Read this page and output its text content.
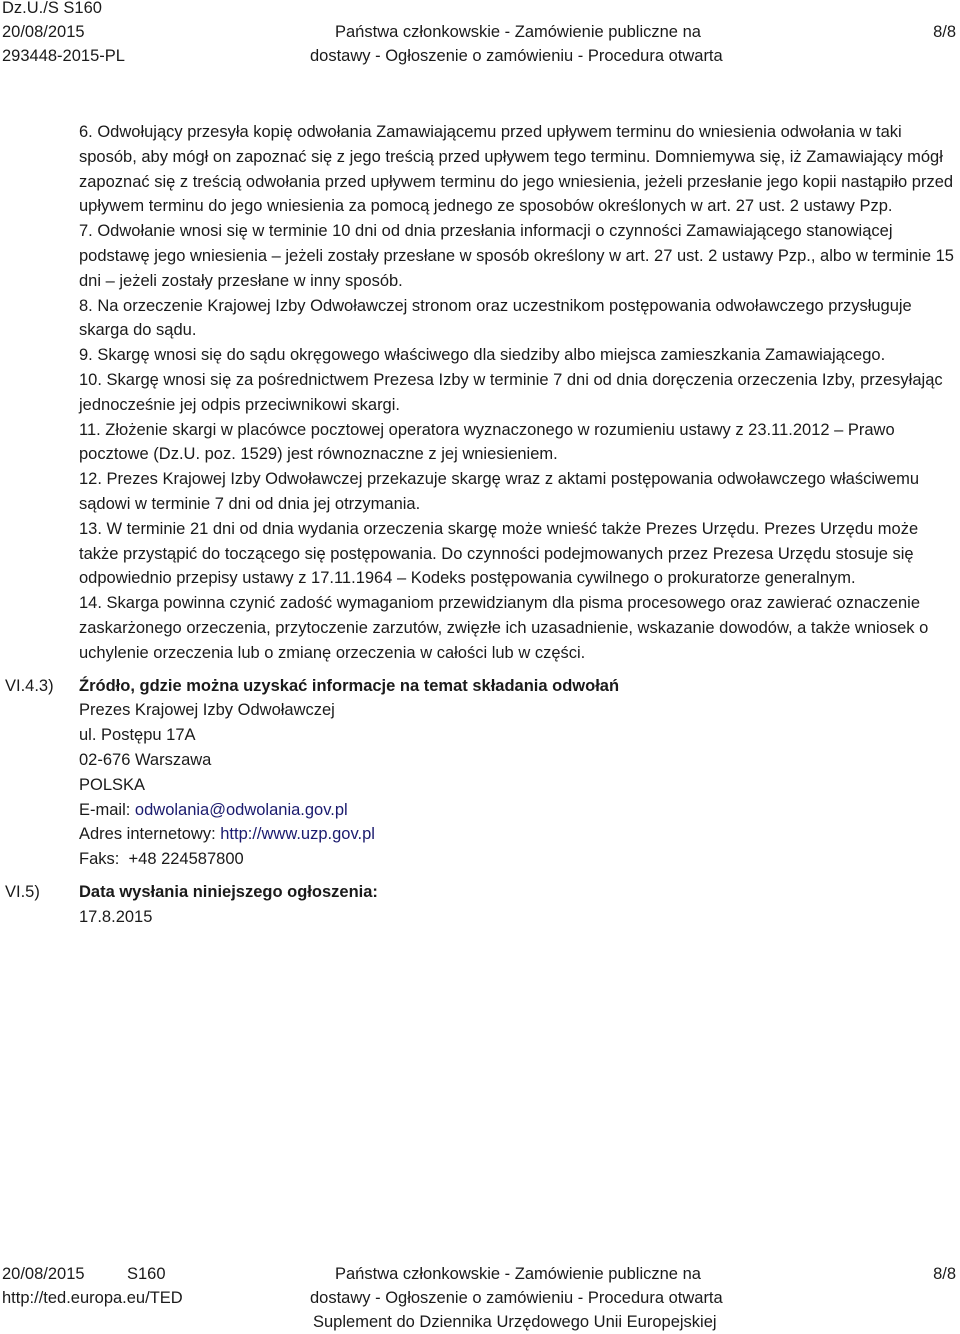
Dz.U./S S160
20/08/2015
293448-2015-PL
Państwa członkowskie - Zamówienie publiczne na
dostawy - Ogłoszenie o zamówieniu - Procedura otwarta
8/8

6. Odwołujący przesyła kopię odwołania Zamawiającemu przed upływem terminu do wniesienia odwołania w taki sposób, aby mógł on zapoznać się z jego treścią przed upływem tego terminu. Domniemywa się, iż Zamawiający mógł zapoznać się z treścią odwołania przed upływem terminu do jego wniesienia, jeżeli przesłanie jego kopii nastąpiło przed upływem terminu do jego wniesienia za pomocą jednego ze sposobów określonych w art. 27 ust. 2 ustawy Pzp.

7. Odwołanie wnosi się w terminie 10 dni od dnia przesłania informacji o czynności Zamawiającego stanowiącej podstawę jego wniesienia – jeżeli zostały przesłane w sposób określony w art. 27 ust. 2 ustawy Pzp., albo w terminie 15 dni – jeżeli zostały przesłane w inny sposób.

8. Na orzeczenie Krajowej Izby Odwoławczej stronom oraz uczestnikom postępowania odwoławczego przysługuje skarga do sądu.

9. Skargę wnosi się do sądu okręgowego właściwego dla siedziby albo miejsca zamieszkania Zamawiającego.

10. Skargę wnosi się za pośrednictwem Prezesa Izby w terminie 7 dni od dnia doręczenia orzeczenia Izby, przesyłając jednocześnie jej odpis przeciwnikowi skargi.

11. Złożenie skargi w placówce pocztowej operatora wyznaczonego w rozumieniu ustawy z 23.11.2012 – Prawo pocztowe (Dz.U. poz. 1529) jest równoznaczne z jej wniesieniem.

12. Prezes Krajowej Izby Odwoławczej przekazuje skargę wraz z aktami postępowania odwoławczego właściwemu sądowi w terminie 7 dni od dnia jej otrzymania.

13. W terminie 21 dni od dnia wydania orzeczenia skargę może wnieść także Prezes Urzędu. Prezes Urzędu może także przystąpić do toczącego się postępowania. Do czynności podejmowanych przez Prezesa Urzędu stosuje się odpowiednio przepisy ustawy z 17.11.1964 – Kodeks postępowania cywilnego o prokuratorze generalnym.

14. Skarga powinna czynić zadość wymaganiom przewidzianym dla pisma procesowego oraz zawierać oznaczenie zaskarżonego orzeczenia, przytoczenie zarzutów, zwięzłe ich uzasadnienie, wskazanie dowodów, a także wniosek o uchylenie orzeczenia lub o zmianę orzeczenia w całości lub w części.

Źródło, gdzie można uzyskać informacje na temat składania odwołań

Prezes Krajowej Izby Odwoławczej

ul. Postępu 17A

02-676 Warszawa

POLSKA

E-mail: odwolania@odwolania.gov.pl

Adres internetowy: http://www.uzp.gov.pl

Faks:  +48 224587800

Data wysłania niniejszego ogłoszenia:

17.8.2015

VI.4.3)
VI.5)
20/08/2015	S160
http://ted.europa.eu/TED
Państwa członkowskie - Zamówienie publiczne na
dostawy - Ogłoszenie o zamówieniu - Procedura otwarta
Suplement do Dziennika Urzędowego Unii Europejskiej
8/8
